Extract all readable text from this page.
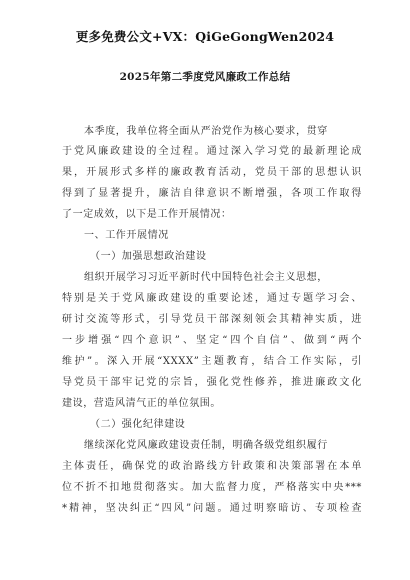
更多免费公文+VX：QiGeGongWen2024
2025年第二季度党风廉政工作总结
本季度，我单位将全面从严治党作为核心要求，贯穿
于党风廉政建设的全过程。通过深入学习党的最新理论成
果，开展形式多样的廉政教育活动，党员干部的思想认识
得到了显著提升，廉洁自律意识不断增强，各项工作取得
了一定成效，以下是工作开展情况：
一、工作开展情况
（一）加强思想政治建设
组织开展学习习近平新时代中国特色社会主义思想，
特别是关于党风廉政建设的重要论述，通过专题学习会、
研讨交流等形式，引导党员干部深刻领会其精神实质，进
一步增强“四个意识”、坚定“四个自信”、做到“两个
维护”。深入开展“XXXX”主题教育，结合工作实际，引
导党员干部牢记党的宗旨，强化党性修养，推进廉政文化
建设，营造风清气正的单位氛围。
（二）强化纪律建设
继续深化党风廉政建设责任制，明确各级党组织履行
主体责任，确保党的政治路线方针政策和决策部署在本单
位不折不扣地贯彻落实。加大监督力度，严格落实中央***
*精神，坚决纠正“四风”问题。通过明察暗访、专项检查
